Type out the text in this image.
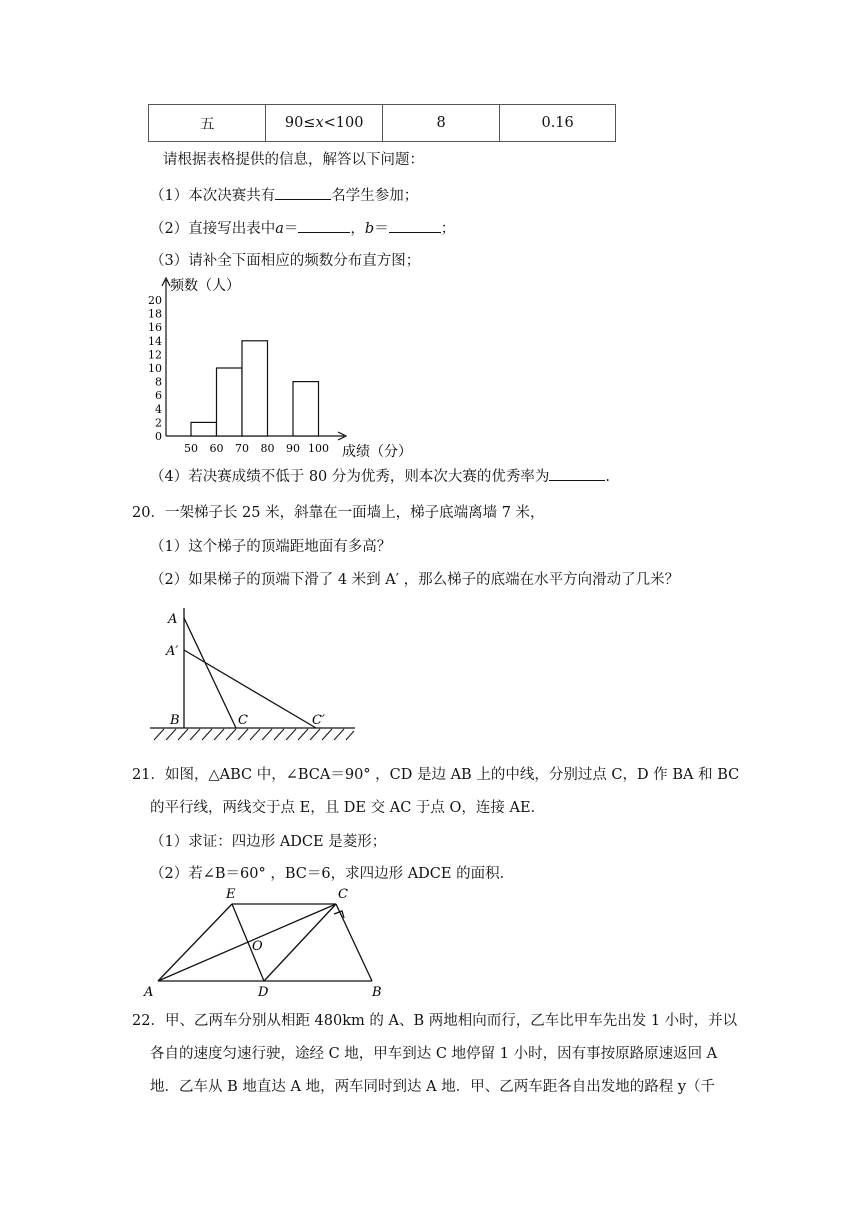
五	90≤x<100	8	0.16
请根据表格提供的信息，解答以下问题：
（1）本次决赛共有	名学生参加；
（2）直接写出表中a＝	，b＝	；
（3）请补全下面相应的频数分布直方图；
0
2
4
6
8
10
12
14
16
18
20
50 60 70 80 90 100
频数（人）
成绩（分）
（4）若决赛成绩不低于 80 分为优秀，则本次大赛的优秀率为	.
20．一架梯子长 25 米，斜靠在一面墙上，梯子底端离墙 7 米，
（1）这个梯子的顶端距地面有多高？
（2）如果梯子的顶端下滑了 4 米到 A′ ，那么梯子的底端在水平方向滑动了几米？
A
A′
B	C	C′
21．如图，△ABC 中，∠BCA＝90° ，CD 是边 AB 上的中线，分别过点 C，D 作 BA 和 BC
的平行线，两线交于点 E，且 DE 交 AC 于点 O，连接 AE．
（1）求证：四边形 ADCE 是菱形；
（2）若∠B＝60° ，BC＝6，求四边形 ADCE 的面积．
A	B
C
D
E
O
22．甲、乙两车分别从相距 480km 的 A、B 两地相向而行，乙车比甲车先出发 1 小时，并以
各自的速度匀速行驶，途经 C 地，甲车到达 C 地停留 1 小时，因有事按原路原速返回 A
地．乙车从 B 地直达 A 地，两车同时到达 A 地．甲、乙两车距各自出发地的路程 y（千
